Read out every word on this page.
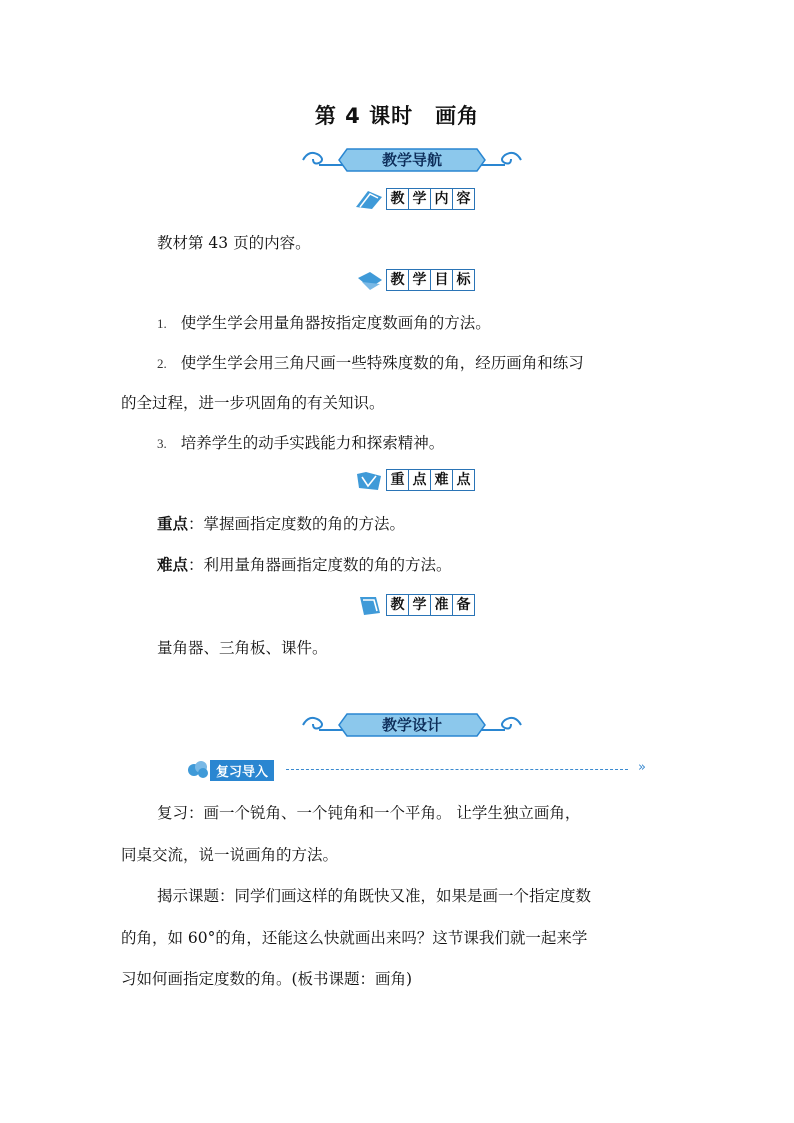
第 4 课时 画角
教学导航
教 学 内 容

教材第 43 页的内容。

教 学 目 标

1. 使学生学会用量角器按指定度数画角的方法。

2. 使学生学会用三角尺画一些特殊度数的角，经历画角和练习

的全过程，进一步巩固角的有关知识。

3. 培养学生的动手实践能力和探索精神。

重 点 难 点

重点：掌握画指定度数的角的方法。

难点：利用量角器画指定度数的角的方法。

教 学 准 备

量角器、三角板、课件。

教学设计
复习导入	»

复习：画一个锐角、一个钝角和一个平角。 让学生独立画角，

同桌交流，说一说画角的方法。

揭示课题：同学们画这样的角既快又准，如果是画一个指定度数

的角，如 60°的角，还能这么快就画出来吗？这节课我们就一起来学

习如何画指定度数的角。(板书课题：画角)
